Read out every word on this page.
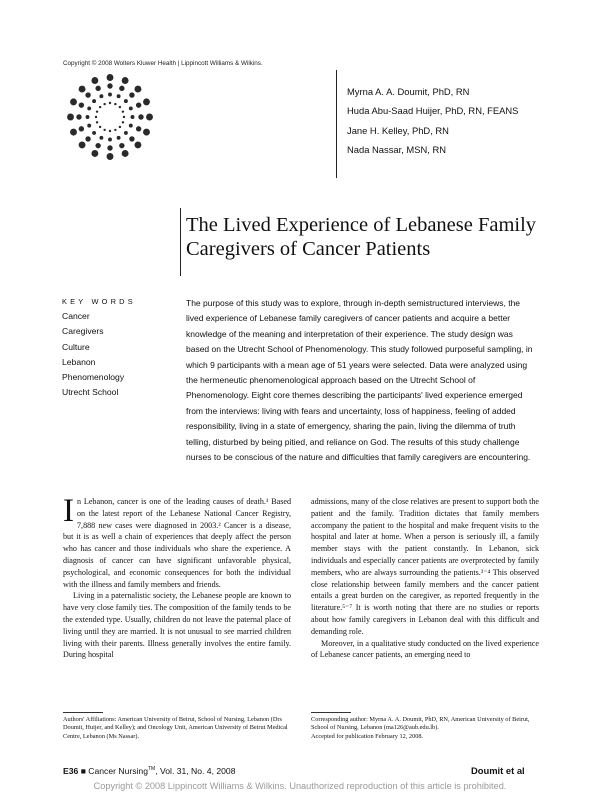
Copyright © 2008 Wolters Kluwer Health | Lippincott Williams & Wilkins.
Myrna A. A. Doumit, PhD, RN
Huda Abu-Saad Huijer, PhD, RN, FEANS
Jane H. Kelley, PhD, RN
Nada Nassar, MSN, RN
The Lived Experience of Lebanese Family
Caregivers of Cancer Patients
KEY WORDS
Cancer
Caregivers
Culture
Lebanon
Phenomenology
Utrecht School
The purpose of this study was to explore, through in-depth semistructured interviews, the lived experience of Lebanese family caregivers of cancer patients and acquire a better knowledge of the meaning and interpretation of their experience. The study design was based on the Utrecht School of Phenomenology. This study followed purposeful sampling, in which 9 participants with a mean age of 51 years were selected. Data were analyzed using the hermeneutic phenomenological approach based on the Utrecht School of Phenomenology. Eight core themes describing the participants' lived experience emerged from the interviews: living with fears and uncertainty, loss of happiness, feeling of added responsibility, living in a state of emergency, sharing the pain, living the dilemma of truth telling, disturbed by being pitied, and reliance on God. The results of this study challenge nurses to be conscious of the nature and difficulties that family caregivers are encountering.

In Lebanon, cancer is one of the leading causes of death.¹ Based on the latest report of the Lebanese National Cancer Registry, 7,888 new cases were diagnosed in 2003.² Cancer is a disease, but it is as well a chain of experiences that deeply affect the person who has cancer and those individuals who share the experience. A diagnosis of cancer can have significant unfavorable physical, psychological, and economic consequences for both the individual with the illness and family members and friends.

Living in a paternalistic society, the Lebanese people are known to have very close family ties. The composition of the family tends to be the extended type. Usually, children do not leave the paternal place of living until they are married. It is not unusual to see married children living with their parents. Illness generally involves the entire family. During hospital

admissions, many of the close relatives are present to support both the patient and the family. Tradition dictates that family members accompany the patient to the hospital and make frequent visits to the hospital and later at home. When a person is seriously ill, a family member stays with the patient constantly. In Lebanon, sick individuals and especially cancer patients are overprotected by family members, who are always surrounding the patients.³⁻⁴ This observed close relationship between family members and the cancer patient entails a great burden on the caregiver, as reported frequently in the literature.⁵⁻⁷ It is worth noting that there are no studies or reports about how family caregivers in Lebanon deal with this difficult and demanding role.

Moreover, in a qualitative study conducted on the lived experience of Lebanese cancer patients, an emerging need to

Authors' Affiliations: American University of Beirut, School of Nursing, Lebanon (Drs Doumit, Huijer, and Kelley); and Oncology Unit, American University of Beirut Medical Centre, Lebanon (Ms Nassar).

Corresponding author: Myrna A. A. Doumit, PhD, RN, American University of Beirut, School of Nursing, Lebanon (ma126@aub.edu.lb).

Accepted for publication February 12, 2008.

E36 ■ Cancer Nursing™, Vol. 31, No. 4, 2008	Doumit et al
Copyright © 2008 Lippincott Williams & Wilkins. Unauthorized reproduction of this article is prohibited.
